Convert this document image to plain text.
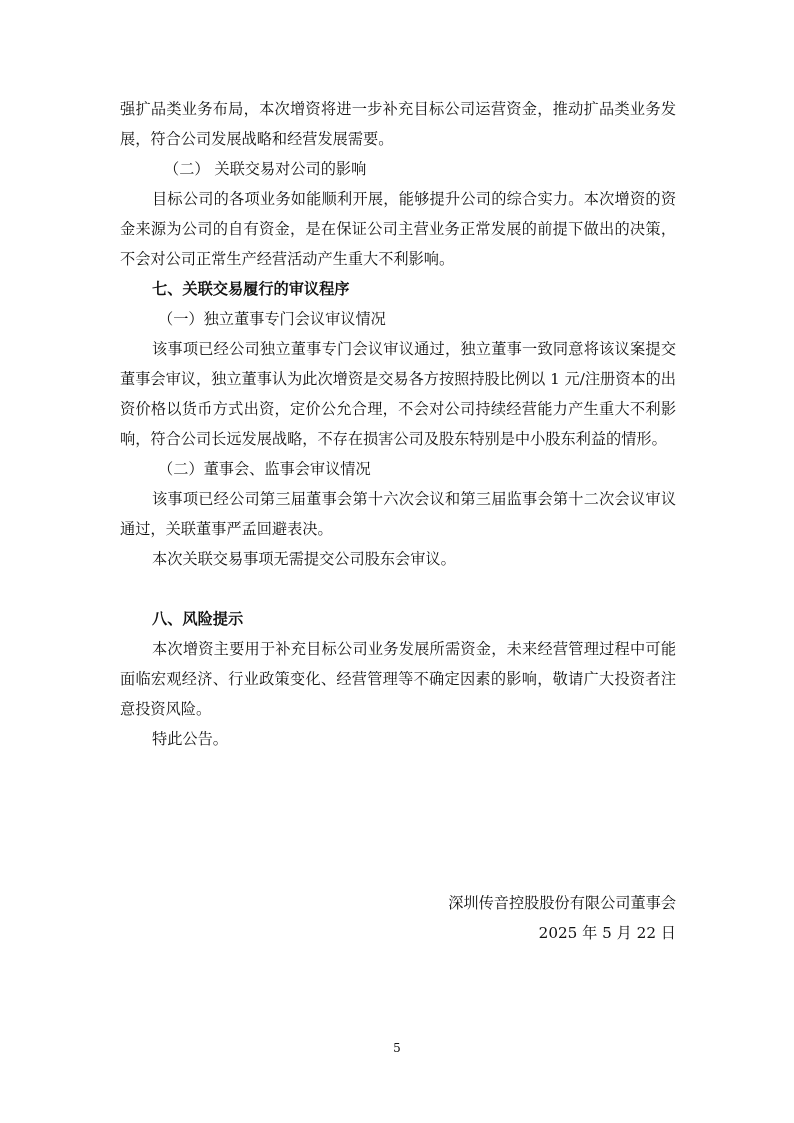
强扩品类业务布局，本次增资将进一步补充目标公司运营资金，推动扩品类业务发展，符合公司发展战略和经营发展需要。

（二） 关联交易对公司的影响

目标公司的各项业务如能顺利开展，能够提升公司的综合实力。本次增资的资金来源为公司的自有资金，是在保证公司主营业务正常发展的前提下做出的决策，不会对公司正常生产经营活动产生重大不利影响。

七、关联交易履行的审议程序

（一）独立董事专门会议审议情况

该事项已经公司独立董事专门会议审议通过，独立董事一致同意将该议案提交董事会审议，独立董事认为此次增资是交易各方按照持股比例以 1 元/注册资本的出资价格以货币方式出资，定价公允合理，不会对公司持续经营能力产生重大不利影响，符合公司长远发展战略，不存在损害公司及股东特别是中小股东利益的情形。

（二）董事会、监事会审议情况

该事项已经公司第三届董事会第十六次会议和第三届监事会第十二次会议审议通过，关联董事严孟回避表决。

本次关联交易事项无需提交公司股东会审议。

八、风险提示

本次增资主要用于补充目标公司业务发展所需资金，未来经营管理过程中可能面临宏观经济、行业政策变化、经营管理等不确定因素的影响，敬请广大投资者注意投资风险。

特此公告。

深圳传音控股股份有限公司董事会

2025 年 5 月 22 日

5
